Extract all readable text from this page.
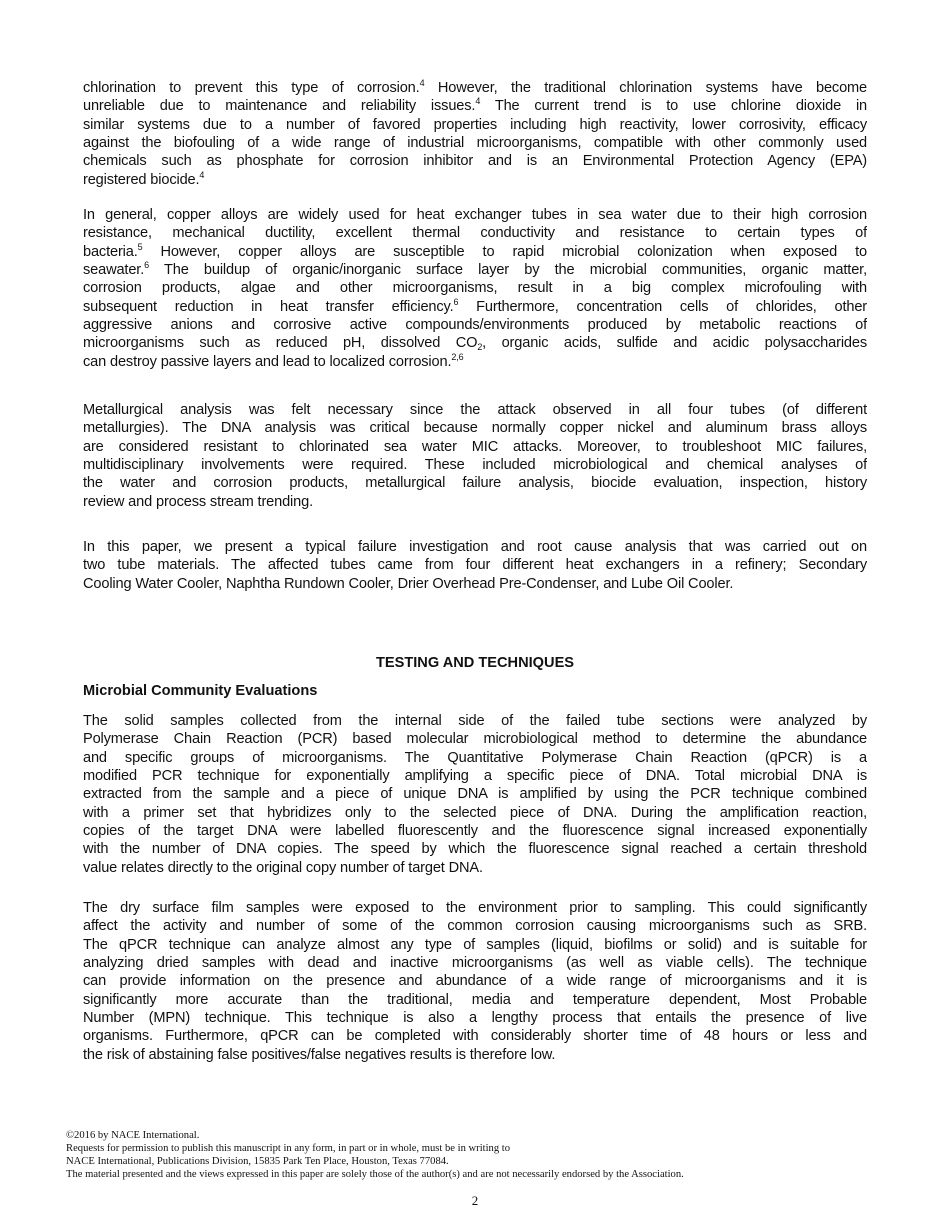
chlorination to prevent this type of corrosion.$^4$ However, the traditional chlorination systems have become
unreliable due to maintenance and reliability issues.$^4$ The current trend is to use chlorine dioxide in
similar systems due to a number of favored properties including high reactivity, lower corrosivity, efficacy
against the biofouling of a wide range of industrial microorganisms, compatible with other commonly used
chemicals such as phosphate for corrosion inhibitor and is an Environmental Protection Agency (EPA)
registered biocide.$^4$
In general, copper alloys are widely used for heat exchanger tubes in sea water due to their high corrosion
resistance, mechanical ductility, excellent thermal conductivity and resistance to certain types of
bacteria.$^5$ However, copper alloys are susceptible to rapid microbial colonization when exposed to
seawater.$^6$ The buildup of organic/inorganic surface layer by the microbial communities, organic matter,
corrosion products, algae and other microorganisms, result in a big complex microfouling with
subsequent reduction in heat transfer efficiency.$^6$ Furthermore, concentration cells of chlorides, other
aggressive anions and corrosive active compounds/environments produced by metabolic reactions of
microorganisms such as reduced pH, dissolved $CO_2$, organic acids, sulfide and acidic polysaccharides
can destroy passive layers and lead to localized corrosion.$^{2,6}$
Metallurgical analysis was felt necessary since the attack observed in all four tubes (of different
metallurgies). The DNA analysis was critical because normally copper nickel and aluminum brass alloys
are considered resistant to chlorinated sea water MIC attacks. Moreover, to troubleshoot MIC failures,
multidisciplinary involvements were required. These included microbiological and chemical analyses of
the water and corrosion products, metallurgical failure analysis, biocide evaluation, inspection, history
review and process stream trending.
In this paper, we present a typical failure investigation and root cause analysis that was carried out on
two tube materials. The affected tubes came from four different heat exchangers in a refinery; Secondary
Cooling Water Cooler, Naphtha Rundown Cooler, Drier Overhead Pre-Condenser, and Lube Oil Cooler.
TESTING AND TECHNIQUES
Microbial Community Evaluations
The solid samples collected from the internal side of the failed tube sections were analyzed by
Polymerase Chain Reaction (PCR) based molecular microbiological method to determine the abundance
and specific groups of microorganisms. The Quantitative Polymerase Chain Reaction (qPCR) is a
modified PCR technique for exponentially amplifying a specific piece of DNA. Total microbial DNA is
extracted from the sample and a piece of unique DNA is amplified by using the PCR technique combined
with a primer set that hybridizes only to the selected piece of DNA. During the amplification reaction,
copies of the target DNA were labelled fluorescently and the fluorescence signal increased exponentially
with the number of DNA copies. The speed by which the fluorescence signal reached a certain threshold
value relates directly to the original copy number of target DNA.
The dry surface film samples were exposed to the environment prior to sampling. This could significantly
affect the activity and number of some of the common corrosion causing microorganisms such as SRB.
The qPCR technique can analyze almost any type of samples (liquid, biofilms or solid) and is suitable for
analyzing dried samples with dead and inactive microorganisms (as well as viable cells). The technique
can provide information on the presence and abundance of a wide range of microorganisms and it is
significantly more accurate than the traditional, media and temperature dependent, Most Probable
Number (MPN) technique. This technique is also a lengthy process that entails the presence of live
organisms. Furthermore, qPCR can be completed with considerably shorter time of 48 hours or less and
the risk of abstaining false positives/false negatives results is therefore low.
©2016 by NACE International.
Requests for permission to publish this manuscript in any form, in part or in whole, must be in writing to
NACE International, Publications Division, 15835 Park Ten Place, Houston, Texas 77084.
The material presented and the views expressed in this paper are solely those of the author(s) and are not necessarily endorsed by the Association.
2
